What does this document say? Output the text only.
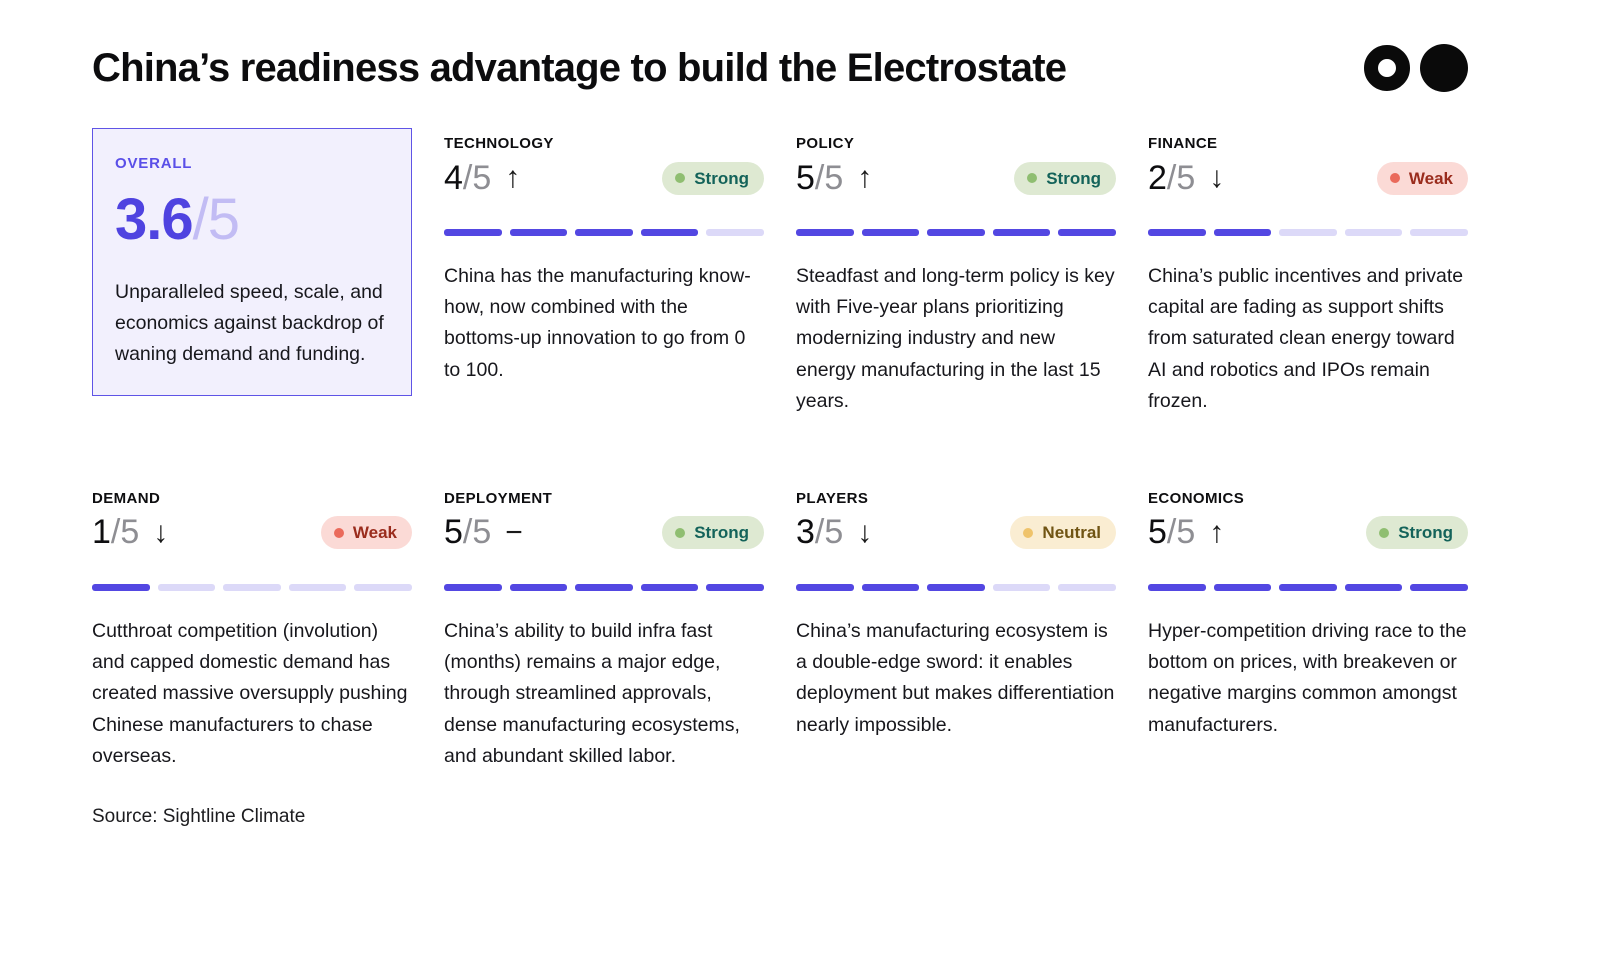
China’s readiness advantage to build the Electrostate
OVERALL
3.6/5
Unparalleled speed, scale, and economics against backdrop of waning demand and funding.
TECHNOLOGY
4 /5 ↑	Strong
China has the manufacturing know-how, now combined with the bottoms-up innovation to go from 0 to 100.
POLICY
5 /5 ↑	Strong
Steadfast and long-term policy is key with Five-year plans prioritizing modernizing industry and new energy manufacturing in the last 15 years.
FINANCE
2 /5 ↓	Weak
China’s public incentives and private capital are fading as support shifts from saturated clean energy toward AI and robotics and IPOs remain frozen.
DEMAND
1 /5 ↓	Weak
Cutthroat competition (involution) and capped domestic demand has created massive oversupply pushing Chinese manufacturers to chase overseas.
DEPLOYMENT
5 /5 −	Strong
China’s ability to build infra fast (months) remains a major edge, through streamlined approvals, dense manufacturing ecosystems, and abundant skilled labor.
PLAYERS
3 /5 ↓	Neutral
China’s manufacturing ecosystem is a double-edge sword: it enables deployment but makes differentiation nearly impossible.
ECONOMICS
5 /5 ↑	Strong
Hyper-competition driving race to the bottom on prices, with breakeven or negative margins common amongst manufacturers.
Source: Sightline Climate
